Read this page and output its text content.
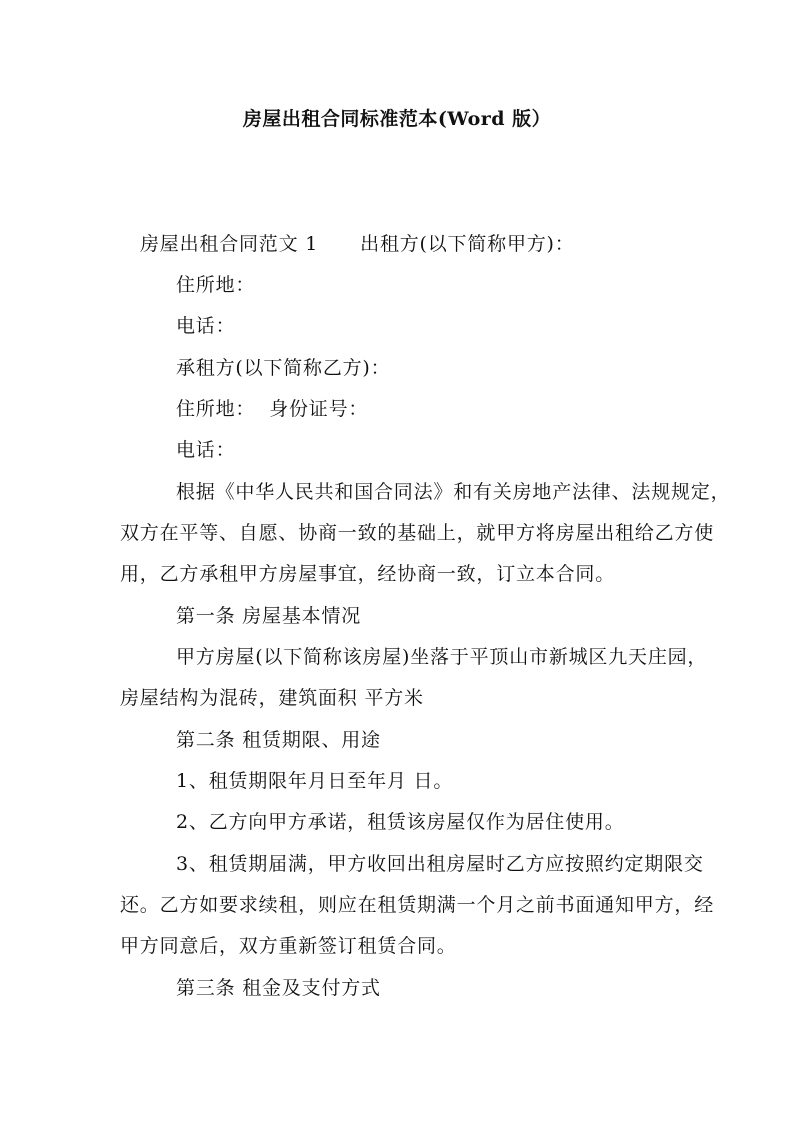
房屋出租合同标准范本(Word 版）
房屋出租合同范文 1 出租方(以下简称甲方)：
住所地：
电话：
承租方(以下简称乙方)：
住所地： 身份证号：
电话：
根据《中华人民共和国合同法》和有关房地产法律、法规规定，
双方在平等、自愿、协商一致的基础上，就甲方将房屋出租给乙方使
用，乙方承租甲方房屋事宜，经协商一致，订立本合同。
第一条 房屋基本情况
甲方房屋(以下简称该房屋)坐落于平顶山市新城区九天庄园，
房屋结构为混砖，建筑面积 平方米
第二条 租赁期限、用途
1、租赁期限年月日至年月 日。
2、乙方向甲方承诺，租赁该房屋仅作为居住使用。
3、租赁期届满，甲方收回出租房屋时乙方应按照约定期限交
还。乙方如要求续租，则应在租赁期满一个月之前书面通知甲方，经
甲方同意后，双方重新签订租赁合同。
第三条 租金及支付方式
